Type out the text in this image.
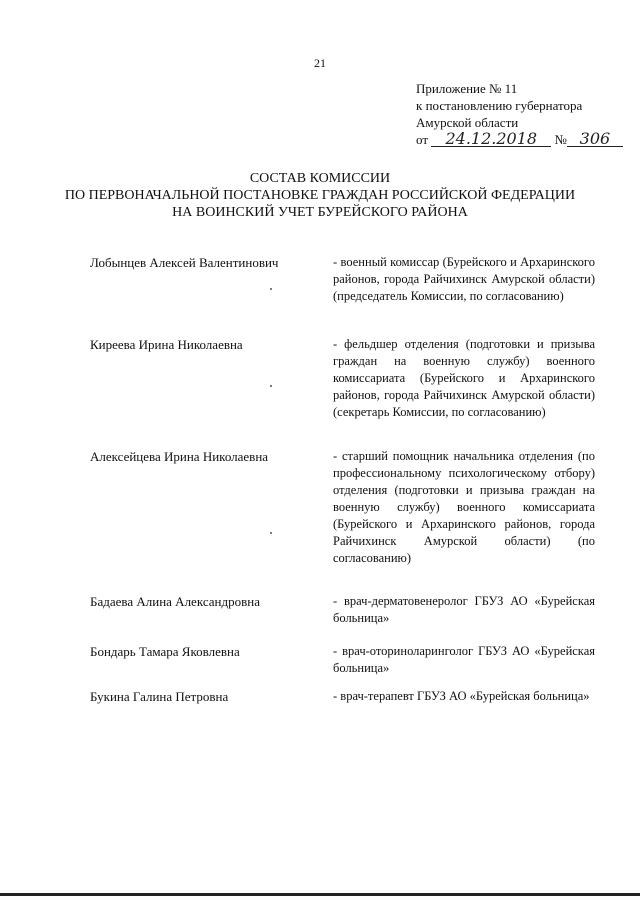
21
Приложение № 11
к постановлению губернатора
Амурской области
от 24.12.2018 № 306
СОСТАВ КОМИССИИ
ПО ПЕРВОНАЧАЛЬНОЙ ПОСТАНОВКЕ ГРАЖДАН РОССИЙСКОЙ ФЕДЕРАЦИИ
НА ВОИНСКИЙ УЧЕТ БУРЕЙСКОГО РАЙОНА
Лобынцев Алексей Валентинович	- военный комиссар (Бурейского и Архаринского районов, города Райчихинск Амурской области) (председатель Комиссии, по согласованию)
Киреева Ирина Николаевна	- фельдшер отделения (подготовки и призыва граждан на военную службу) военного комиссариата (Бурейского и Архаринского районов, города Райчихинск Амурской области) (секретарь Комиссии, по согласованию)
Алексейцева Ирина Николаевна	- старший помощник начальника отделения (по профессиональному психологическому отбору) отделения (подготовки и призыва граждан на военную службу) военного комиссариата (Бурейского и Архаринского районов, города Райчихинск Амурской области) (по согласованию)
Бадаева Алина Александровна	- врач-дерматовенеролог ГБУЗ АО «Бурейская больница»
Бондарь Тамара Яковлевна	- врач-оториноларинголог ГБУЗ АО «Бурейская больница»
Букина Галина Петровна	- врач-терапевт ГБУЗ АО «Бурейская больница»
